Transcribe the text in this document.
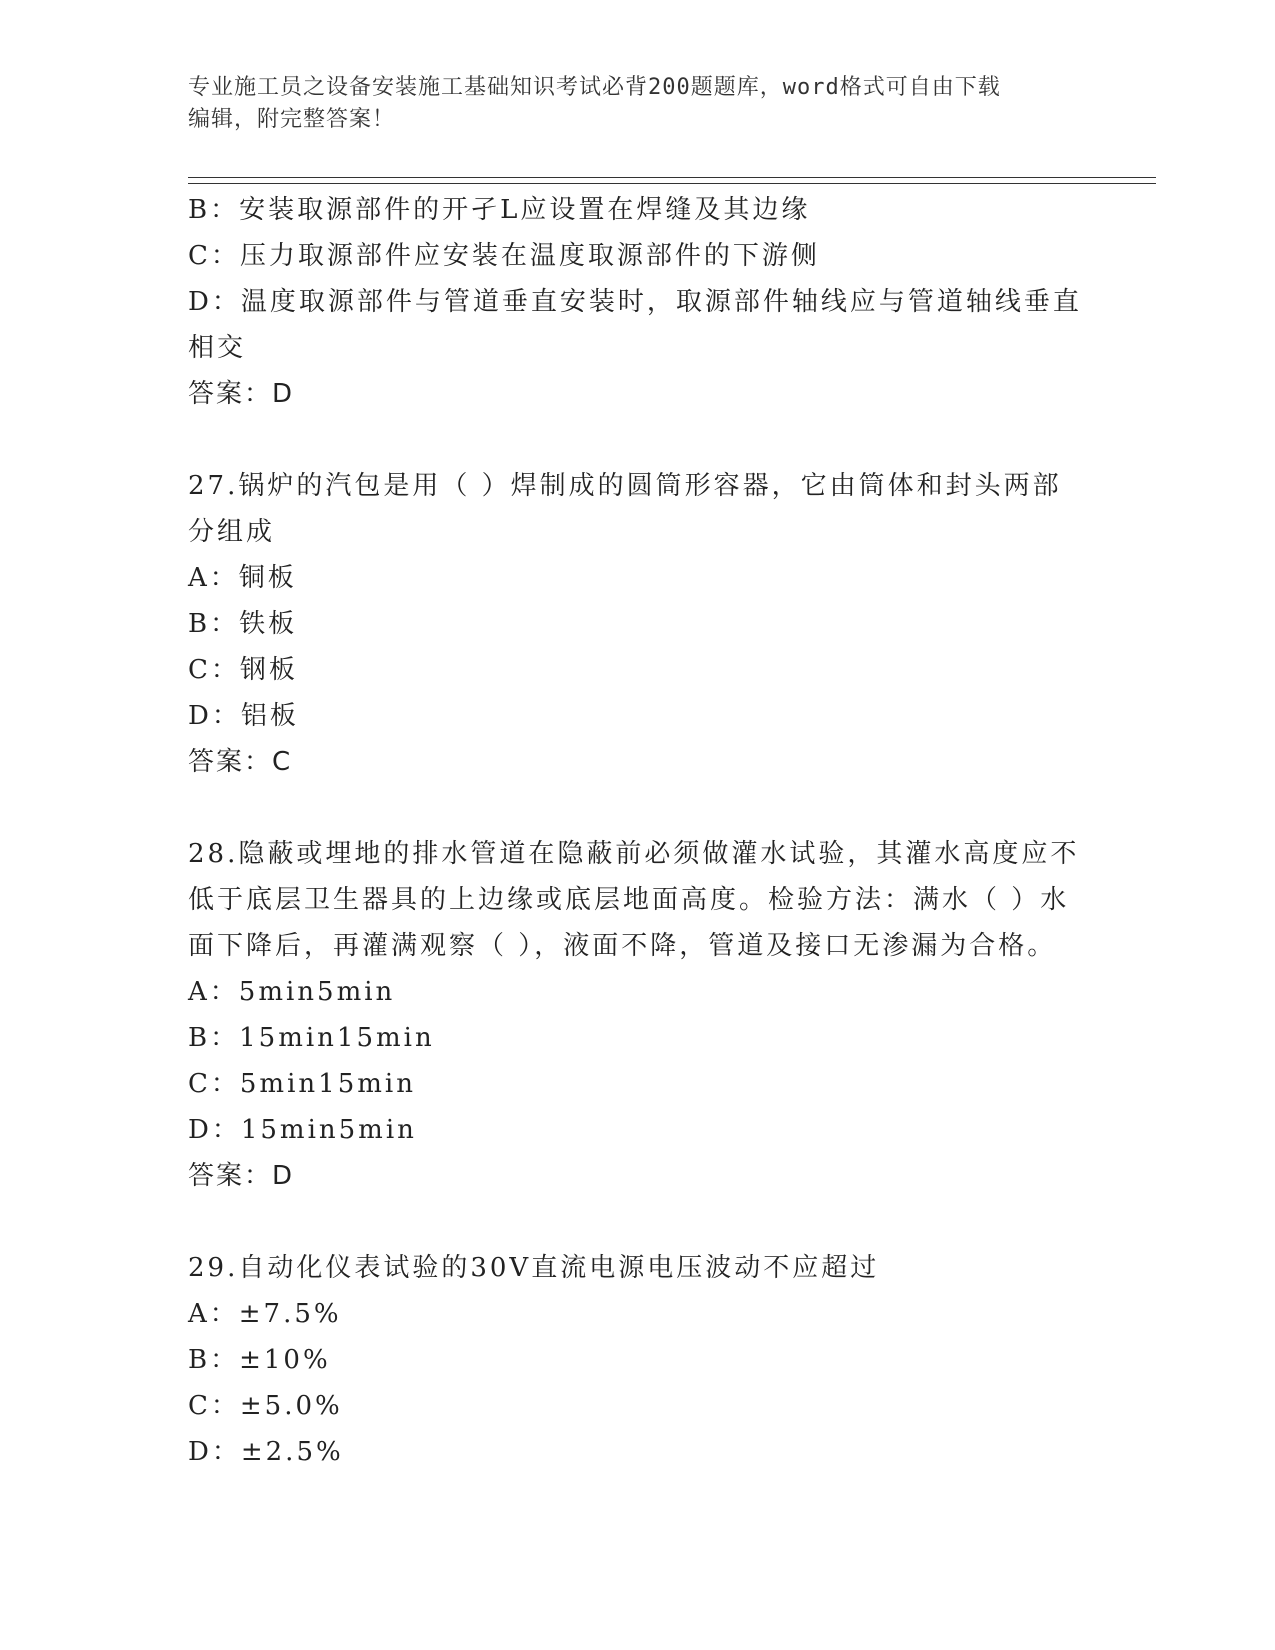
专业施工员之设备安装施工基础知识考试必背200题题库，word格式可自由下载
编辑，附完整答案！

B：安装取源部件的开孑L应设置在焊缝及其边缘

C：压力取源部件应安装在温度取源部件的下游侧

D：温度取源部件与管道垂直安装时，取源部件轴线应与管道轴线垂直

相交

答案：D

27.锅炉的汽包是用（ ）焊制成的圆筒形容器，它由筒体和封头两部

分组成

A：铜板

B：铁板

C：钢板

D：铝板

答案：C

28.隐蔽或埋地的排水管道在隐蔽前必须做灌水试验，其灌水高度应不

低于底层卫生器具的上边缘或底层地面高度。检验方法：满水（ ）水

面下降后，再灌满观察（ ），液面不降，管道及接口无渗漏为合格。

A：5min5min

B：15min15min

C：5min15min

D：15min5min

答案：D

29.自动化仪表试验的30V直流电源电压波动不应超过

A：±7.5%

B：±10%

C：±5.0%

D：±2.5%
